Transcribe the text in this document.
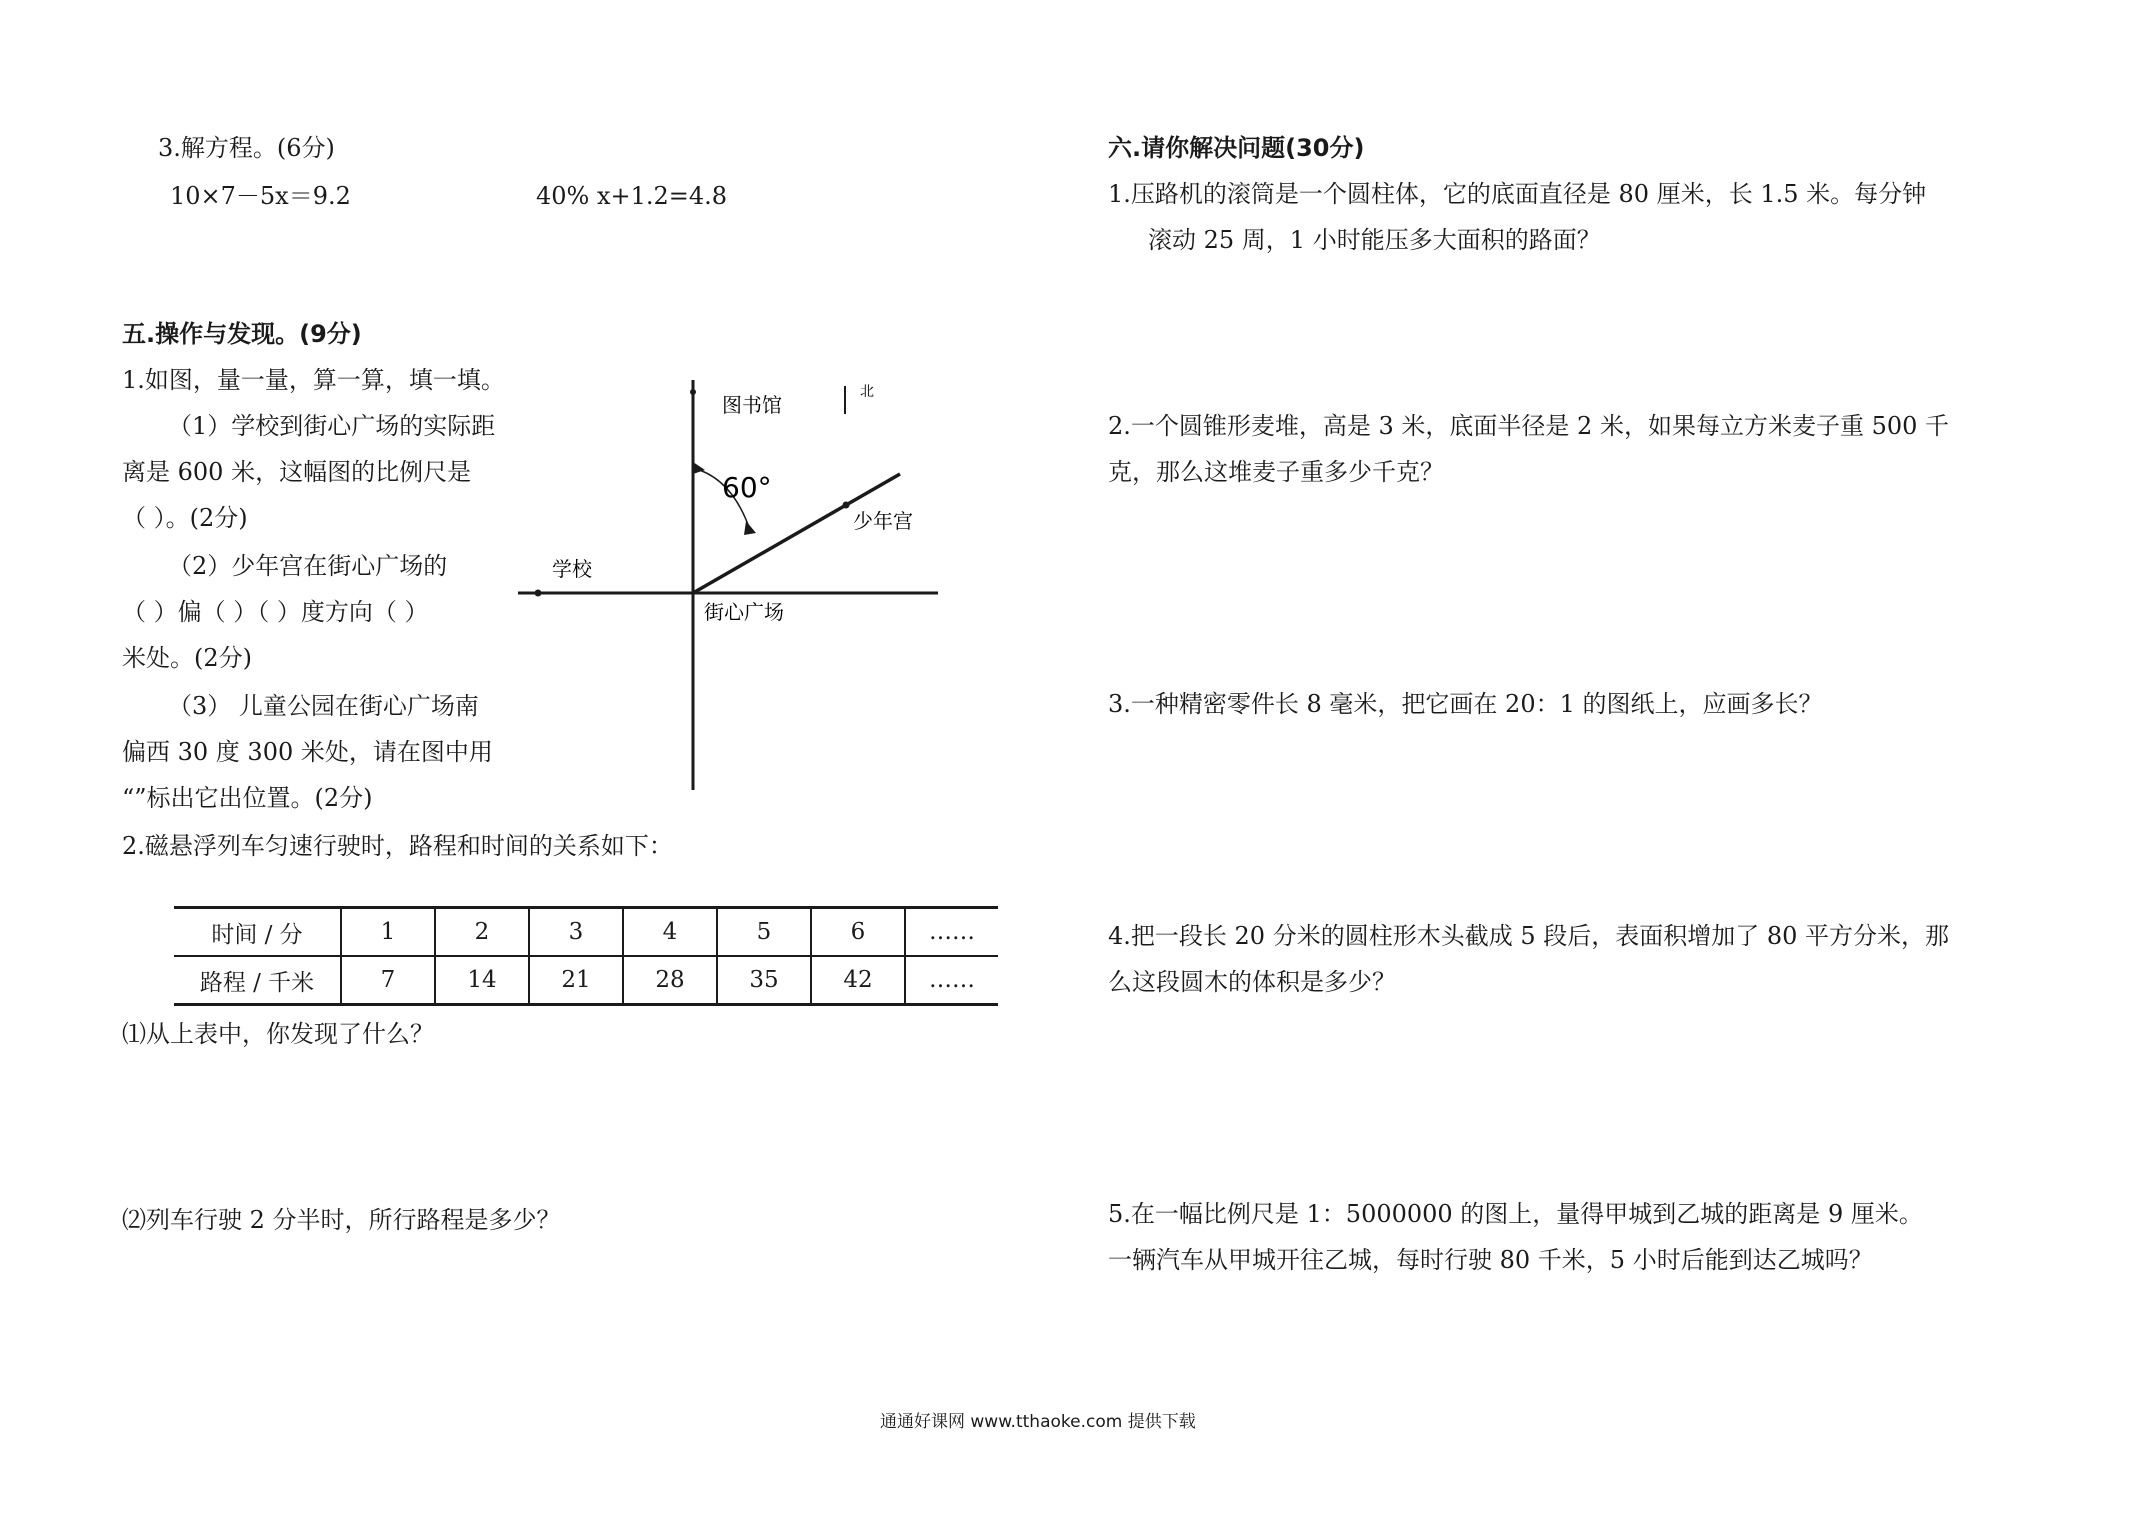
3.解方程。(6分)
10×7－5x＝9.2	40% x+1.2=4.8
五.操作与发现。(9分)
1.如图，量一量，算一算，填一填。
（1）学校到街心广场的实际距
离是 600 米，这幅图的比例尺是
（ ）。(2分)
（2）少年宫在街心广场的
（ ）偏（ ）（ ）度方向（ ）
米处。(2分)
（3） 儿童公园在街心广场南
偏西 30 度 300 米处，请在图中用
“”标出它出位置。(2分)
2.磁悬浮列车匀速行驶时，路程和时间的关系如下：
北
图书馆
60°
少年宫
学校
街心广场
时间 / 分	1	2	3	4	5	6	……
路程 / 千米	7	14	21	28	35	42	……
⑴从上表中，你发现了什么？
⑵列车行驶 2 分半时，所行路程是多少？
六.请你解决问题(30分)
1.压路机的滚筒是一个圆柱体，它的底面直径是 80 厘米，长 1.5 米。每分钟
滚动 25 周，1 小时能压多大面积的路面？
2.一个圆锥形麦堆，高是 3 米，底面半径是 2 米，如果每立方米麦子重 500 千
克，那么这堆麦子重多少千克？
3.一种精密零件长 8 毫米，把它画在 20：1 的图纸上，应画多长？
4.把一段长 20 分米的圆柱形木头截成 5 段后，表面积增加了 80 平方分米，那
么这段圆木的体积是多少？
5.在一幅比例尺是 1：5000000 的图上，量得甲城到乙城的距离是 9 厘米。
一辆汽车从甲城开往乙城，每时行驶 80 千米，5 小时后能到达乙城吗？
通通好课网 www.tthaoke.com 提供下载
